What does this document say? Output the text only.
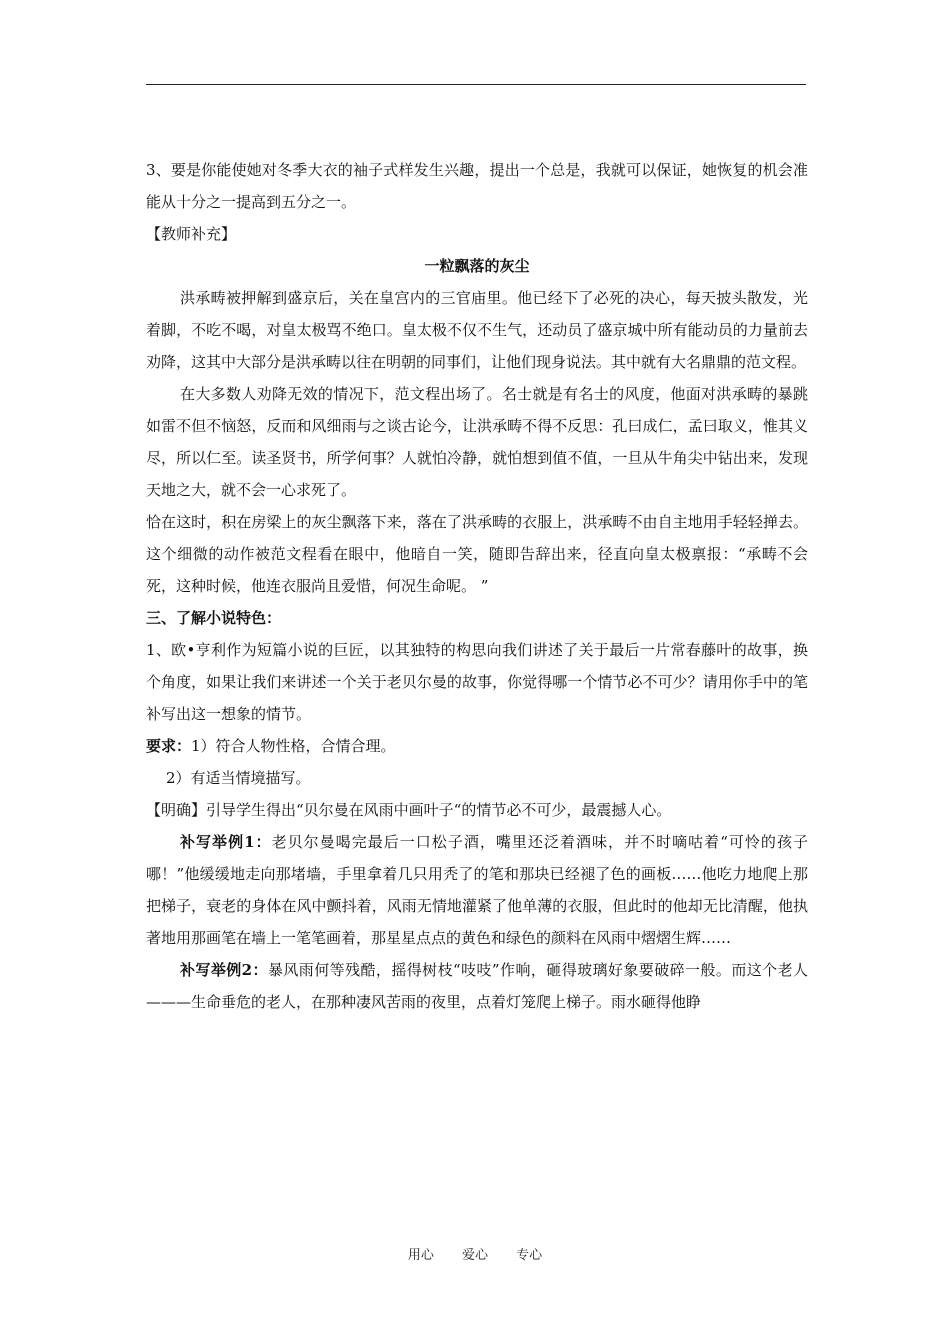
3、要是你能使她对冬季大衣的袖子式样发生兴趣，提出一个总是，我就可以保证，她恢复的机会准能从十分之一提高到五分之一。

【教师补充】

一粒飘落的灰尘

洪承畴被押解到盛京后，关在皇宫内的三官庙里。他已经下了必死的决心，每天披头散发，光着脚，不吃不喝，对皇太极骂不绝口。皇太极不仅不生气，还动员了盛京城中所有能动员的力量前去劝降，这其中大部分是洪承畴以往在明朝的同事们，让他们现身说法。其中就有大名鼎鼎的范文程。

在大多数人劝降无效的情况下，范文程出场了。名士就是有名士的风度，他面对洪承畴的暴跳如雷不但不恼怒，反而和风细雨与之谈古论今，让洪承畴不得不反思：孔曰成仁，孟曰取义，惟其义尽，所以仁至。读圣贤书，所学何事？人就怕冷静，就怕想到值不值，一旦从牛角尖中钻出来，发现天地之大，就不会一心求死了。

恰在这时，积在房梁上的灰尘飘落下来，落在了洪承畴的衣服上，洪承畴不由自主地用手轻轻掸去。这个细微的动作被范文程看在眼中，他暗自一笑，随即告辞出来，径直向皇太极禀报：“承畴不会死，这种时候，他连衣服尚且爱惜，何况生命呢。 ”

三、了解小说特色：

1、欧•亨利作为短篇小说的巨匠，以其独特的构思向我们讲述了关于最后一片常春藤叶的故事，换个角度，如果让我们来讲述一个关于老贝尔曼的故事，你觉得哪一个情节必不可少？请用你手中的笔补写出这一想象的情节。

要求：1）符合人物性格，合情合理。

2）有适当情境描写。

【明确】引导学生得出“贝尔曼在风雨中画叶子“的情节必不可少，最震撼人心。

补写举例1：老贝尔曼喝完最后一口松子酒，嘴里还泛着酒味，并不时嘀咕着“可怜的孩子哪！”他缓缓地走向那堵墙，手里拿着几只用秃了的笔和那块已经褪了色的画板……他吃力地爬上那把梯子，衰老的身体在风中颤抖着，风雨无情地灌紧了他单薄的衣服，但此时的他却无比清醒，他执著地用那画笔在墙上一笔笔画着，那星星点点的黄色和绿色的颜料在风雨中熠熠生辉……

补写举例2：暴风雨何等残酷，摇得树枝“吱吱”作响，砸得玻璃好象要破碎一般。而这个老人———生命垂危的老人，在那种凄风苦雨的夜里，点着灯笼爬上梯子。雨水砸得他睁

用心 爱心 专心
